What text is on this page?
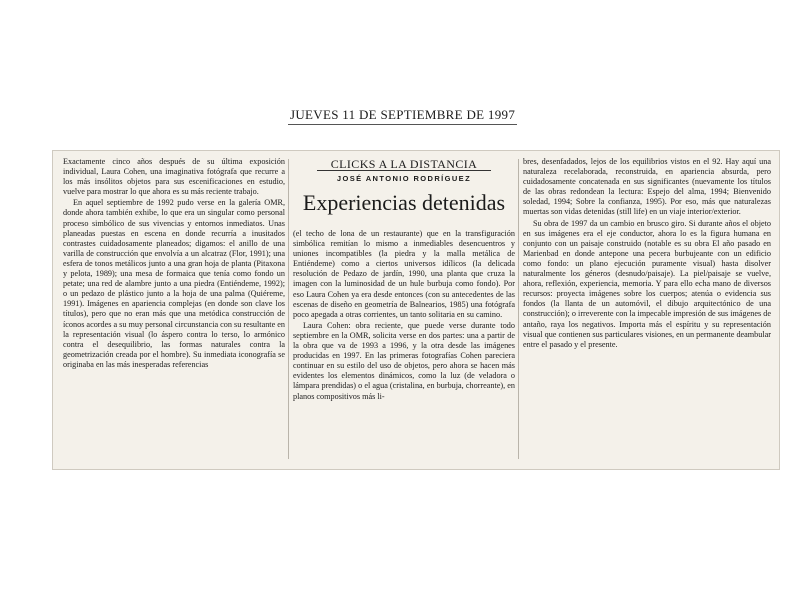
JUEVES 11 DE SEPTIEMBRE DE 1997

Exactamente cinco años después de su última exposición individual, Laura Cohen, una imaginativa fotógrafa que recurre a los más insólitos objetos para sus escenificaciones en estudio, vuelve para mostrar lo que ahora es su más reciente trabajo.

En aquel septiembre de 1992 pudo verse en la galería OMR, donde ahora también exhibe, lo que era un singular como personal proceso simbólico de sus vivencias y entornos inmediatos. Unas planeadas puestas en escena en donde recurría a inusitados contrastes cuidadosamente planeados; digamos: el anillo de una varilla de construcción que envolvía a un alcatraz (Flor, 1991); una esfera de tonos metálicos junto a una gran hoja de planta (Pitaxona y pelota, 1989); una mesa de formaica que tenía como fondo un petate; una red de alambre junto a una piedra (Entiéndeme, 1992); o un pedazo de plástico junto a la hoja de una palma (Quiéreme, 1991). Imágenes en apariencia complejas (en donde son clave los títulos), pero que no eran más que una metódica construcción de íconos acordes a su muy personal circunstancia con su resultante en la representación visual (lo áspero contra lo terso, lo armónico contra el desequilibrio, las formas naturales contra la geometrización creada por el hombre). Su inmediata iconografía se originaba en las más inesperadas referencias

CLICKS A LA DISTANCIA
JOSÉ ANTONIO RODRÍGUEZ
Experiencias detenidas

(el techo de lona de un restaurante) que en la transfiguración simbólica remitían lo mismo a inmediables desencuentros y uniones incompatibles (la piedra y la malla metálica de Entiéndeme) como a ciertos universos idílicos (la delicada resolución de Pedazo de jardín, 1990, una planta que cruza la imagen con la luminosidad de un hule burbuja como fondo). Por eso Laura Cohen ya era desde entonces (con su antecedentes de las escenas de diseño en geometría de Balnearios, 1985) una fotógrafa poco apegada a otras corrientes, un tanto solitaria en su camino.

Laura Cohen: obra reciente, que puede verse durante todo septiembre en la OMR, solicita verse en dos partes: una a partir de la obra que va de 1993 a 1996, y la otra desde las imágenes producidas en 1997. En las primeras fotografías Cohen pareciera continuar en su estilo del uso de objetos, pero ahora se hacen más evidentes los elementos dinámicos, como la luz (de veladora o lámpara prendidas) o el agua (cristalina, en burbuja, chorreante), en planos compositivos más li-

bres, desenfadados, lejos de los equilibrios vistos en el 92. Hay aquí una naturaleza recelaborada, reconstruida, en apariencia absurda, pero cuidadosamente concatenada en sus significantes (nuevamente los títulos de las obras redondean la lectura: Espejo del alma, 1994; Bienvenido soledad, 1994; Sobre la confianza, 1995). Por eso, más que naturalezas muertas son vidas detenidas (still life) en un viaje interior/exterior.

Su obra de 1997 da un cambio en brusco giro. Si durante años el objeto en sus imágenes era el eje conductor, ahora lo es la figura humana en conjunto con un paisaje construido (notable es su obra El año pasado en Marienbad en donde antepone una pecera burbujeante con un edificio como fondo: un plano ejecución puramente visual) hasta disolver naturalmente los géneros (desnudo/paisaje). La piel/paisaje se vuelve, ahora, reflexión, experiencia, memoria. Y para ello echa mano de diversos recursos: proyecta imágenes sobre los cuerpos; atenúa o evidencia sus fondos (la llanta de un automóvil, el dibujo arquitectónico de una construcción); o irreverente con la impecable impresión de sus imágenes de antaño, raya los negativos. Importa más el espíritu y su representación visual que contienen sus particulares visiones, en un permanente deambular entre el pasado y el presente.
